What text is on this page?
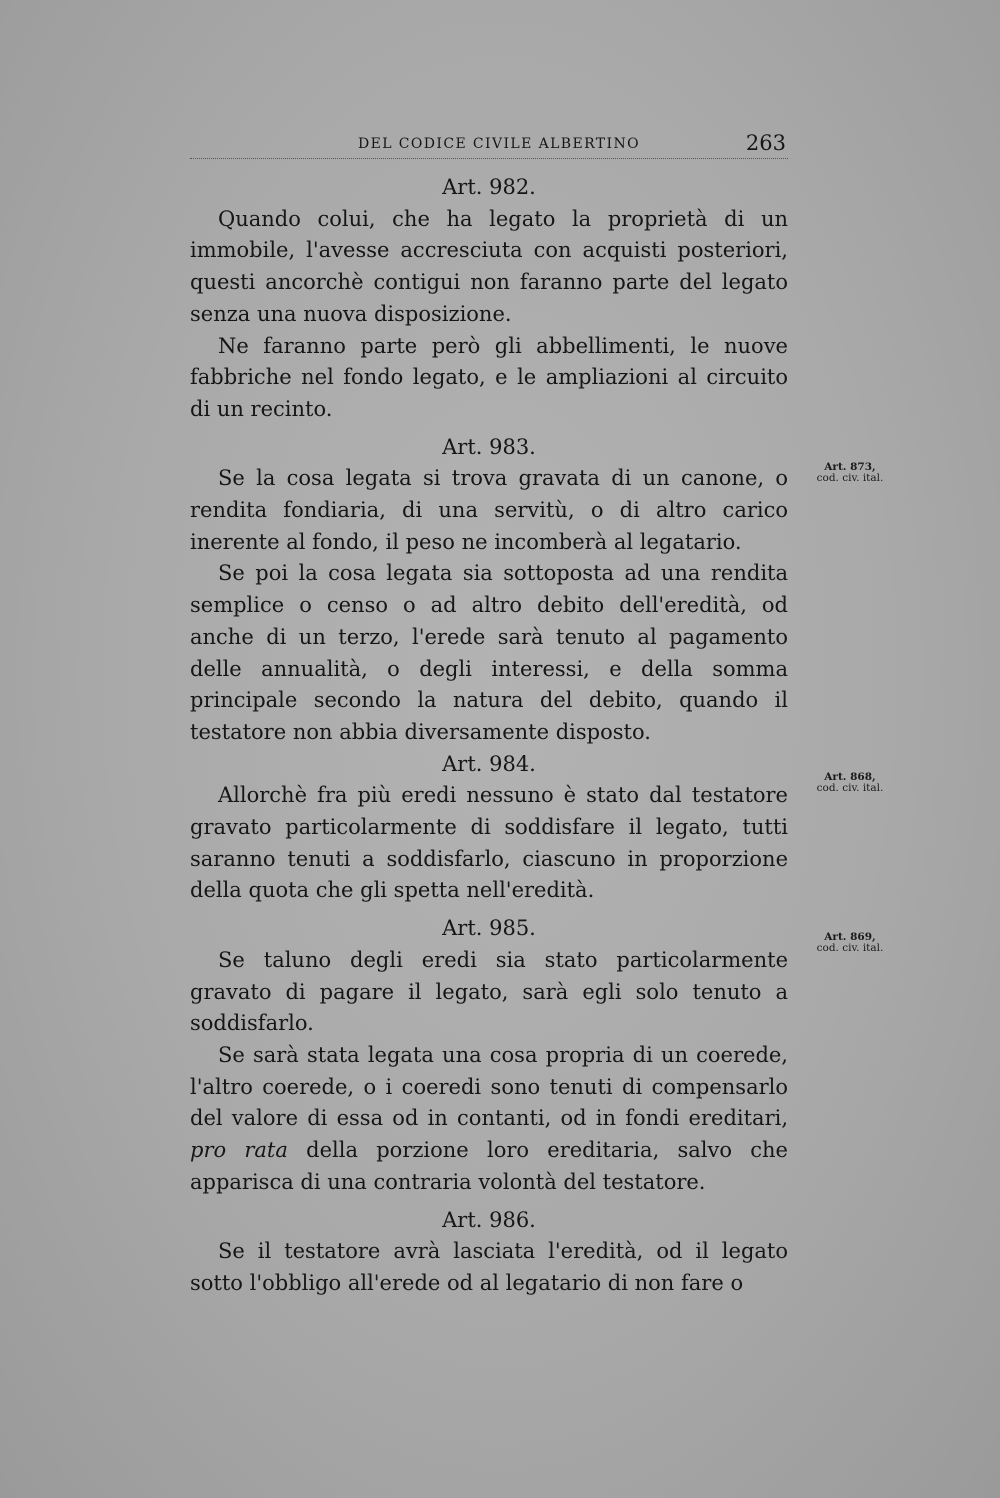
DEL CODICE CIVILE ALBERTINO	263

Art. 982.

Quando colui, che ha legato la proprietà di un immobile, l'avesse accresciuta con acquisti posteriori, questi ancorchè contigui non faranno parte del legato senza una nuova disposizione.

Ne faranno parte però gli abbellimenti, le nuove fabbriche nel fondo legato, e le ampliazioni al circuito di un recinto.

Art. 983.

Se la cosa legata si trova gravata di un canone, o rendita fondiaria, di una servitù, o di altro carico inerente al fondo, il peso ne incomberà al legatario.

Se poi la cosa legata sia sottoposta ad una rendita semplice o censo o ad altro debito dell'eredità, od anche di un terzo, l'erede sarà tenuto al pagamento delle annualità, o degli interessi, e della somma principale secondo la natura del debito, quando il testatore non abbia diversamente disposto.

Art. 984.

Allorchè fra più eredi nessuno è stato dal testatore gravato particolarmente di soddisfare il legato, tutti saranno tenuti a soddisfarlo, ciascuno in proporzione della quota che gli spetta nell'eredità.

Art. 985.

Se taluno degli eredi sia stato particolarmente gravato di pagare il legato, sarà egli solo tenuto a soddisfarlo.

Se sarà stata legata una cosa propria di un coerede, l'altro coerede, o i coeredi sono tenuti di compensarlo del valore di essa od in contanti, od in fondi ereditari, pro rata della porzione loro ereditaria, salvo che apparisca di una contraria volontà del testatore.

Art. 986.

Se il testatore avrà lasciata l'eredità, od il legato sotto l'obbligo all'erede od al legatario di non fare o

Art. 873,
cod. civ. ital.
Art. 868,
cod. civ. ital.
Art. 869,
cod. civ. ital.
